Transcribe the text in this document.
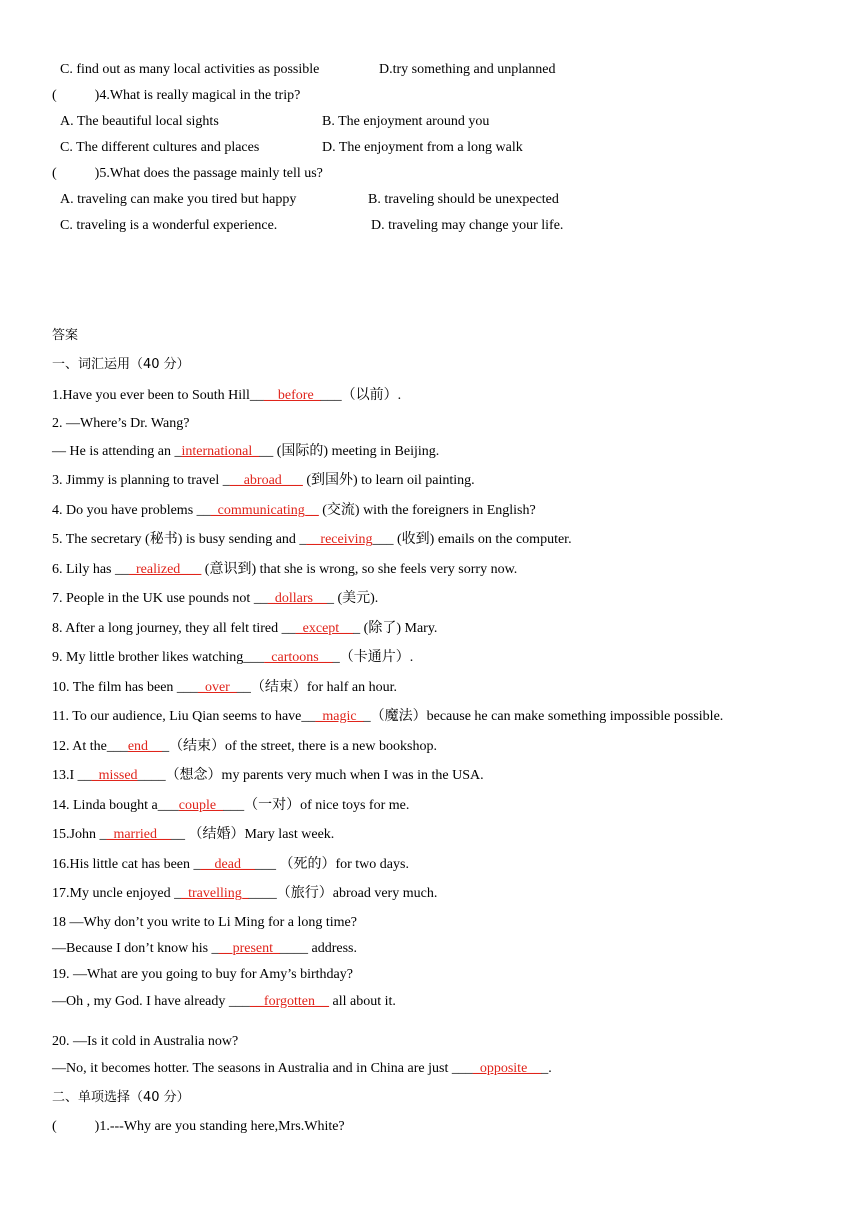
C. find out as many local activities as possible	D.try something and unplanned
(	)4.What is really magical in the trip?
A. The beautiful local sights	B. The enjoyment around you
C. The different cultures and places	D. The enjoyment from a long walk
(	)5.What does the passage mainly tell us?
A. traveling can make you tired but happy	B. traveling should be unexpected
C. traveling is a wonderful experience.	D. traveling may change your life.
答案
一、词汇运用（40 分）
1.Have you ever been to South Hill____before____（以前）.
2. —Where’s Dr. Wang?
— He is attending an _international___ (国际的) meeting in Beijing.
3. Jimmy is planning to travel ___abroad___ (到国外) to learn oil painting.
4. Do you have problems ___communicating__ (交流) with the foreigners in English?
5. The secretary (秘书) is busy sending and ___receiving___ (收到) emails on the computer.
6. Lily has ___realized___ (意识到) that she is wrong, so she feels very sorry now.
7. People in the UK use pounds not ___dollars___ (美元).
8. After a long journey, they all felt tired ___except___ (除了) Mary.
9. My little brother likes watching____cartoons___（卡通片）.
10. The film has been ____over___（结束）for half an hour.
11. To our audience, Liu Qian seems to have___magic__（魔法）because he can make something impossible possible.
12. At the___end___（结束）of the street, there is a new bookshop.
13.I ___missed____（想念）my parents very much when I was in the USA.
14. Linda bought a___couple____（一对）of nice toys for me.
15.John __married____ （结婚）Mary last week.
16.His little cat has been ___dead_____ （死的）for two days.
17.My uncle enjoyed __travelling_____（旅行）abroad very much.
18 —Why don’t you write to Li Ming for a long time?
—Because I don’t know his ___present_____ address.
19. —What are you going to buy for Amy’s birthday?
—Oh , my God. I have already _____forgotten__ all about it.
20. —Is it cold in Australia now?
—No, it becomes hotter. The seasons in Australia and in China are just ____opposite___.
二、单项选择（40 分）
(	)1.---Why are you standing here,Mrs.White?
